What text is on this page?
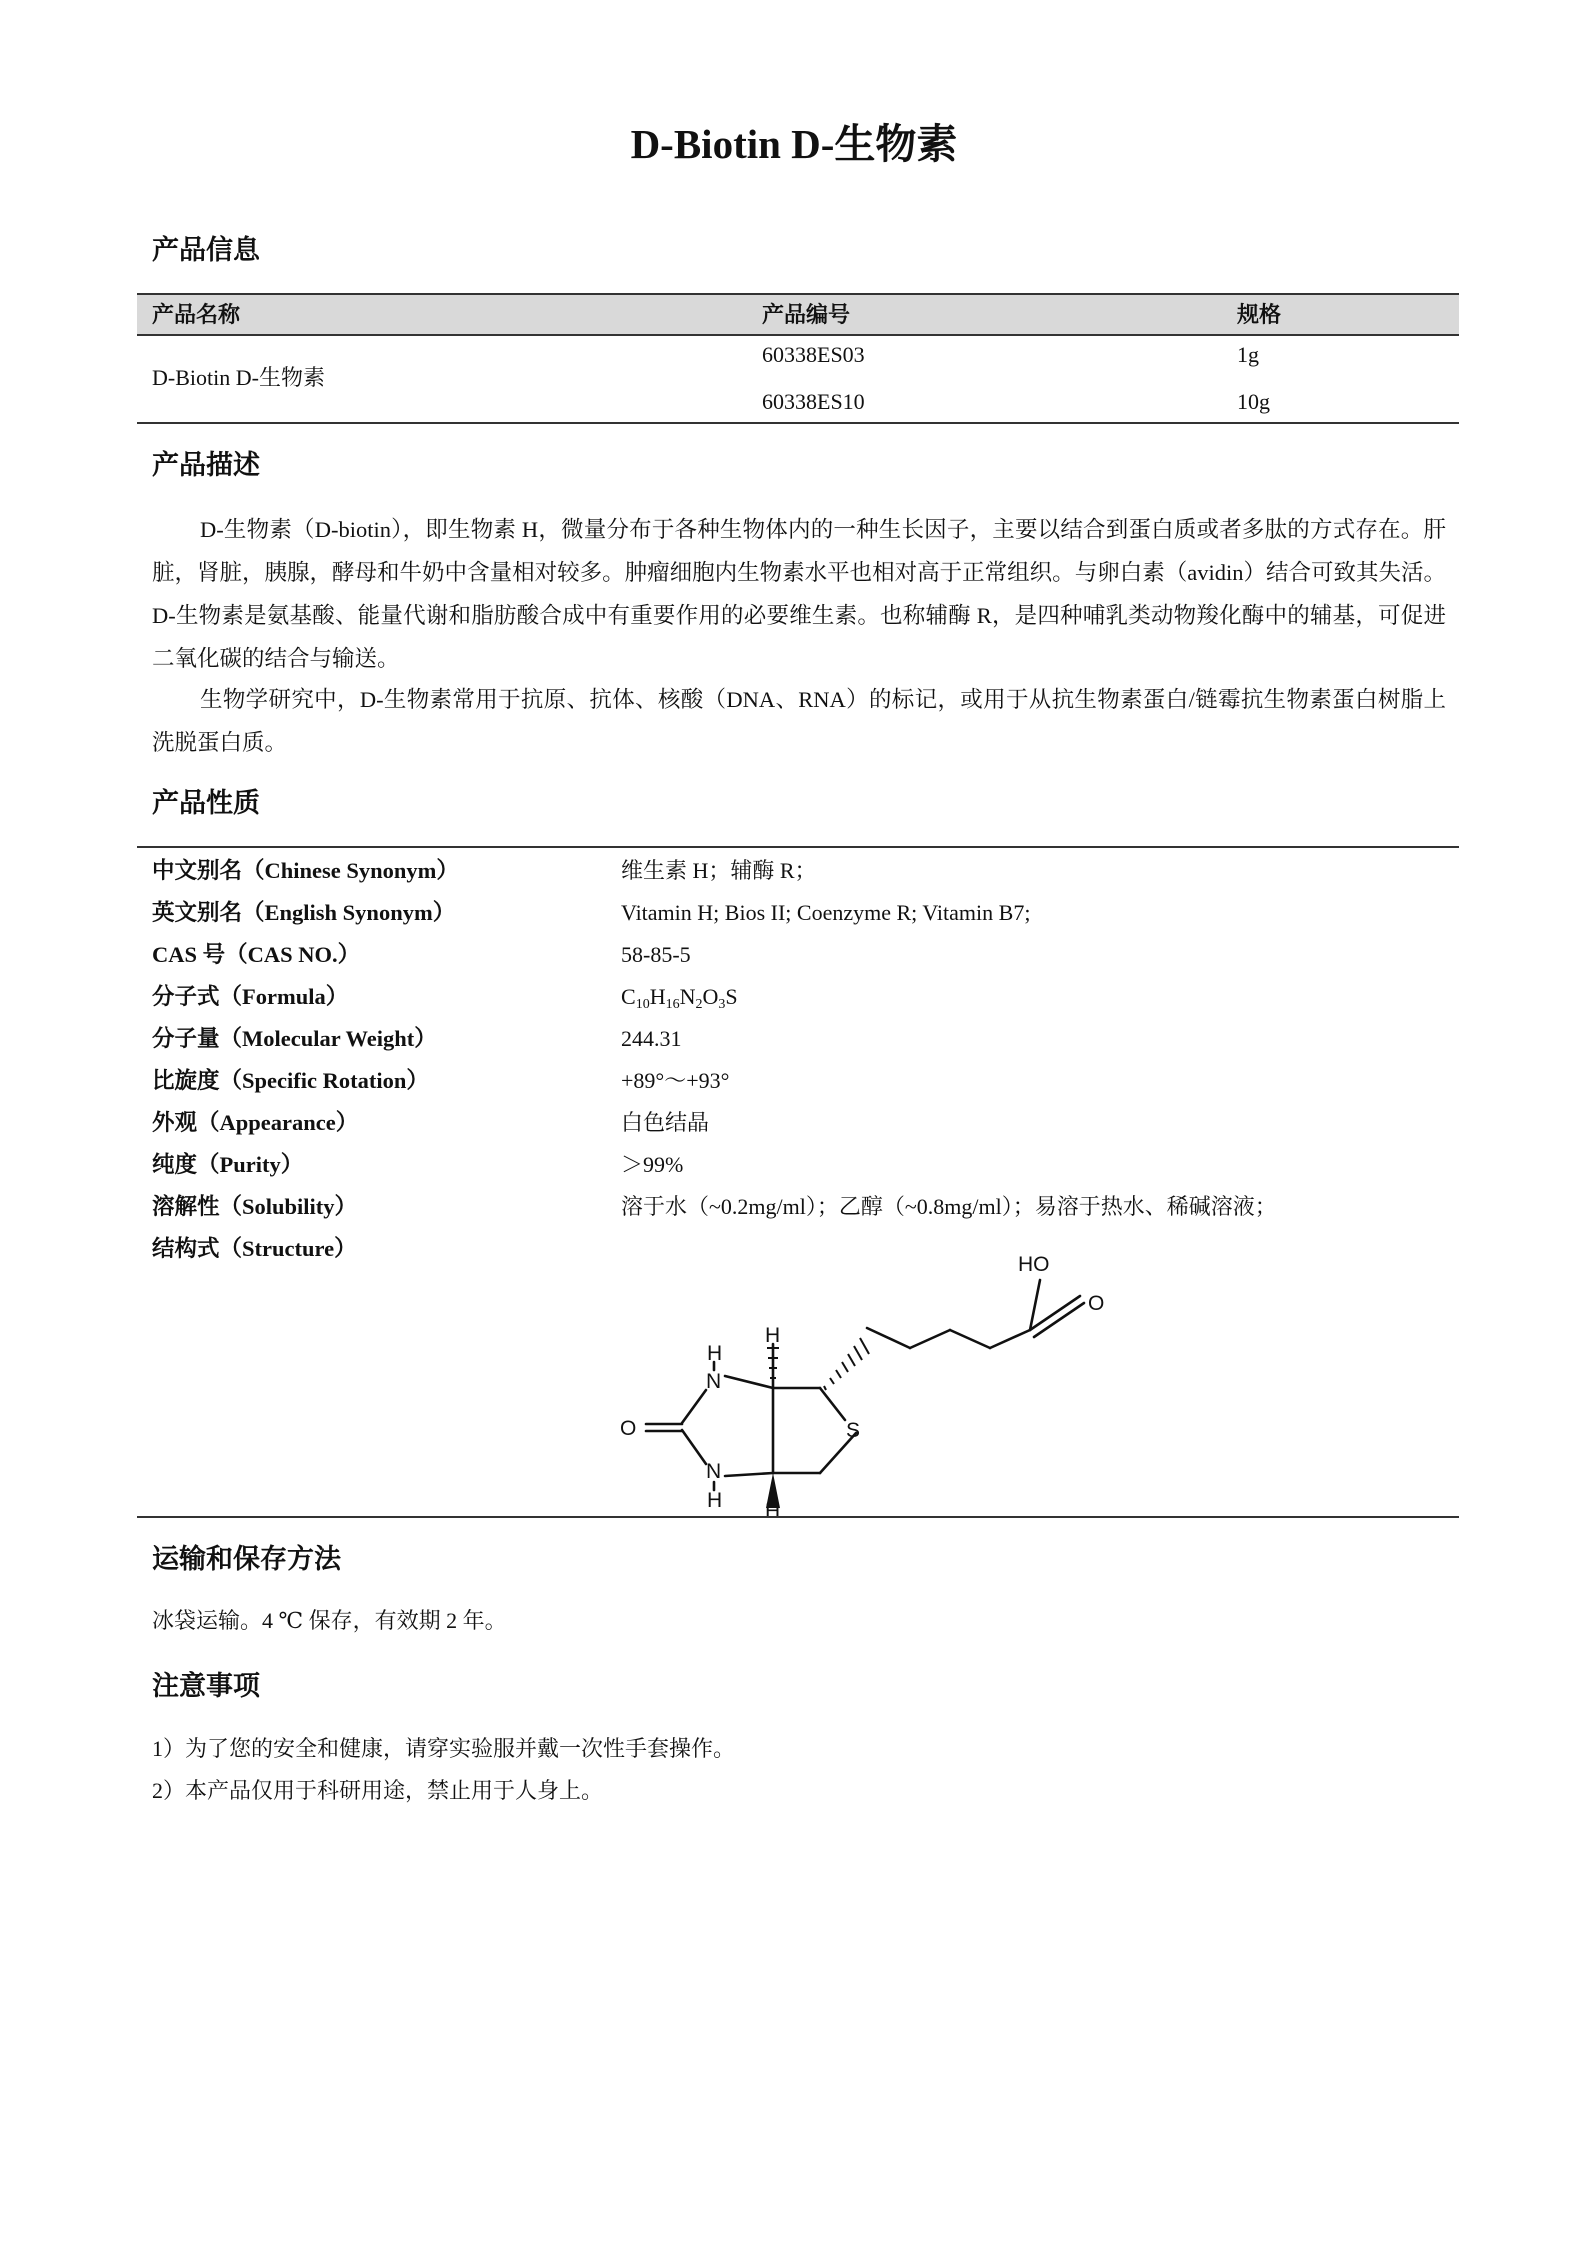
D-Biotin D-生物素
产品信息
产品名称	产品编号	规格
D-Biotin D-生物素
60338ES03	1g
60338ES10	10g
产品描述

D-生物素（D-biotin），即生物素 H，微量分布于各种生物体内的一种生长因子，主要以结合到蛋白质或者多肽的方式存在。肝脏，肾脏，胰腺，酵母和牛奶中含量相对较多。肿瘤细胞内生物素水平也相对高于正常组织。与卵白素（avidin）结合可致其失活。D-生物素是氨基酸、能量代谢和脂肪酸合成中有重要作用的必要维生素。也称辅酶 R，是四种哺乳类动物羧化酶中的辅基，可促进二氧化碳的结合与输送。

生物学研究中，D-生物素常用于抗原、抗体、核酸（DNA、RNA）的标记，或用于从抗生物素蛋白/链霉抗生物素蛋白树脂上洗脱蛋白质。

产品性质
中文别名（Chinese Synonym）	维生素 H；辅酶 R；
英文别名（English Synonym）	Vitamin H; Bios II; Coenzyme R; Vitamin B7;
CAS 号（CAS NO.）	58-85-5
分子式（Formula）	$C_{10}H_{16}N_2O_3S$
分子量（Molecular Weight）	244.31
比旋度（Specific Rotation）	+89°～+93°
外观（Appearance）	白色结晶
纯度（Purity）	＞99%
溶解性（Solubility）	溶于水（~0.2mg/ml）；乙醇（~0.8mg/ml）；易溶于热水、稀碱溶液；
结构式（Structure）
HO
O
H
H
N
S
O
N
H H
运输和保存方法
冰袋运输。4 ℃ 保存，有效期 2 年。
注意事项
1）为了您的安全和健康，请穿实验服并戴一次性手套操作。
2）本产品仅用于科研用途，禁止用于人身上。
